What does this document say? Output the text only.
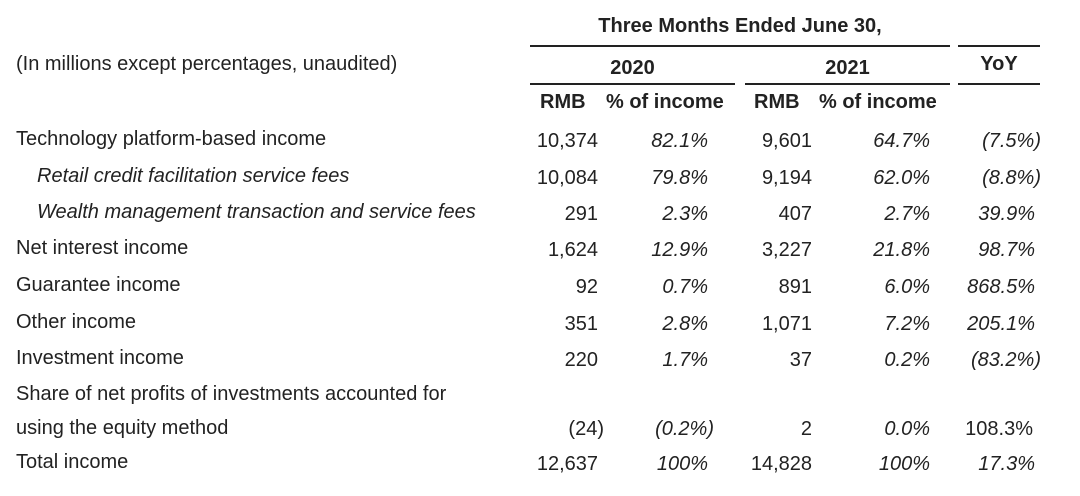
Three Months Ended June 30,
(In millions except percentages, unaudited)	2020	2021	YoY
RMB % of income RMB % of income
Technology platform-based income	10,374	82.1%	9,601	64.7%	(7.5%)
Retail credit facilitation service fees	10,084	79.8%	9,194	62.0%	(8.8%)
Wealth management transaction and service fees	291	2.3%	407	2.7%	39.9%
Net interest income	1,624	12.9%	3,227	21.8%	98.7%
Guarantee income	92	0.7%	891	6.0%	868.5%
Other income	351	2.8%	1,071	7.2%	205.1%
Investment income	220	1.7%	37	0.2%	(83.2%)
Share of net profits of investments accounted for
using the equity method	(24)	(0.2%)	2	0.0%	108.3%
Total income	12,637	100%	14,828	100%	17.3%
